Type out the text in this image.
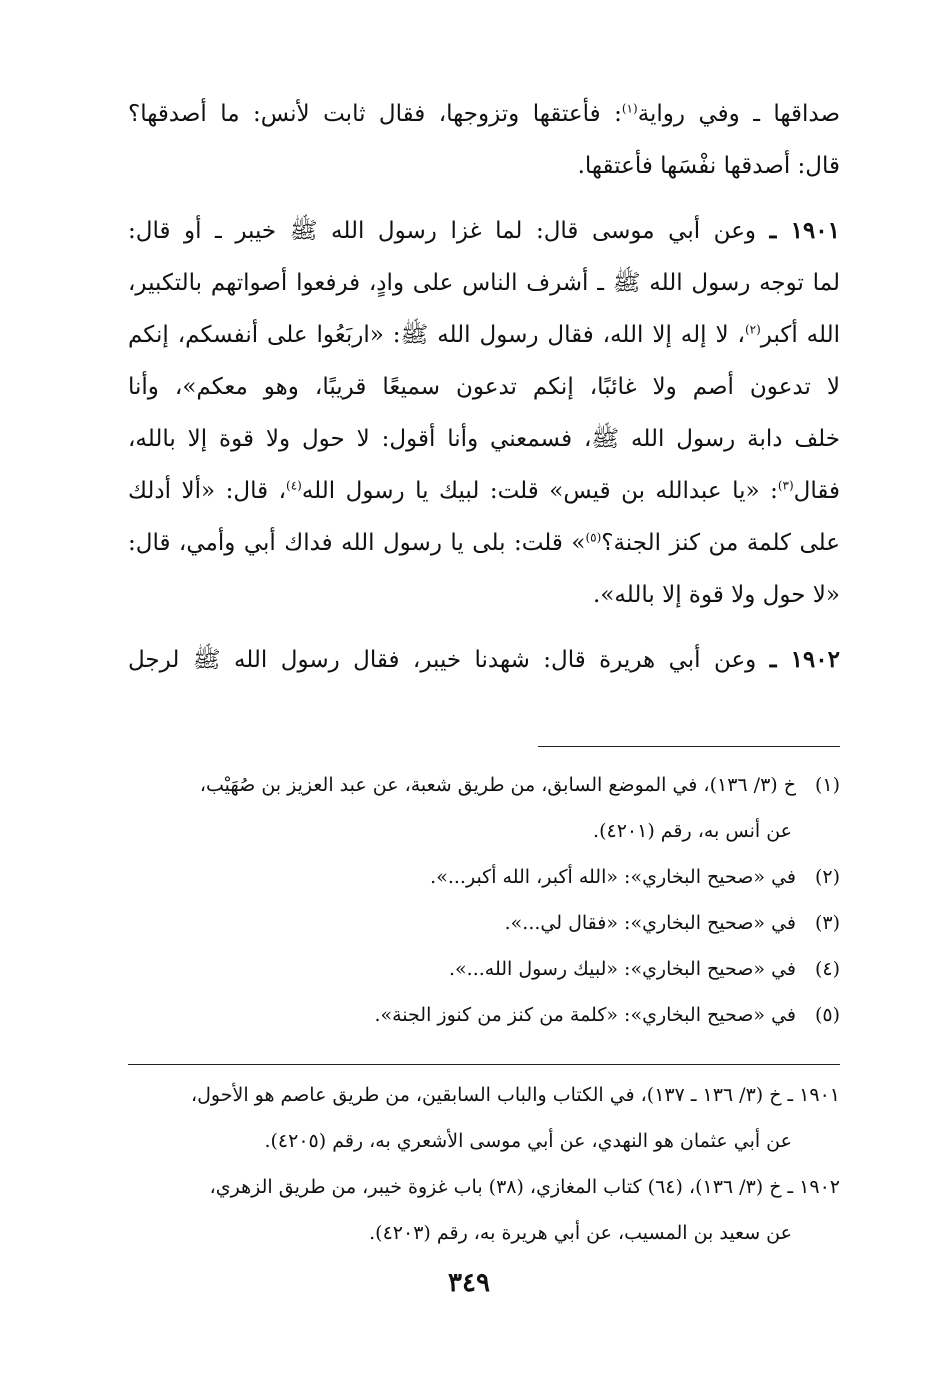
صداقها ـ وفي رواية$^{(١)}$: فأعتقها وتزوجها، فقال ثابت لأنس: ما أصدقها؟
قال: أصدقها نفْسَها فأعتقها.
١٩٠١ ـ وعن أبي موسى قال: لما غزا رسول الله ﷺ خيبر ـ أو قال:
لما توجه رسول الله ﷺ ـ أشرف الناس على وادٍ، فرفعوا أصواتهم بالتكبير،
الله أكبر$^{(٢)}$، لا إله إلا الله، فقال رسول الله ﷺ: «اربَعُوا على أنفسكم، إنكم
لا تدعون أصم ولا غائبًا، إنكم تدعون سميعًا قريبًا، وهو معكم»، وأنا
خلف دابة رسول الله ﷺ، فسمعني وأنا أقول: لا حول ولا قوة إلا بالله،
فقال$^{(٣)}$: «يا عبدالله بن قيس» قلت: لبيك يا رسول الله$^{(٤)}$، قال: «ألا أدلك
على كلمة من كنز الجنة؟$^{(٥)}$» قلت: بلى يا رسول الله فداك أبي وأمي، قال:
«لا حول ولا قوة إلا بالله».
١٩٠٢ ـ وعن أبي هريرة قال: شهدنا خيبر، فقال رسول الله ﷺ لرجل
(١)خ (٣/ ١٣٦)، في الموضع السابق، من طريق شعبة، عن عبد العزيز بن صُهَيْب،
عن أنس به، رقم (٤٢٠١).
(٢)في «صحيح البخاري»: «الله أكبر، الله أكبر...».
(٣)في «صحيح البخاري»: «فقال لي...».
(٤)في «صحيح البخاري»: «لبيك رسول الله...».
(٥)في «صحيح البخاري»: «كلمة من كنز من كنوز الجنة».
١٩٠١ ـ خ (٣/ ١٣٦ ـ ١٣٧)، في الكتاب والباب السابقين، من طريق عاصم هو الأحول،
عن أبي عثمان هو النهدي، عن أبي موسى الأشعري به، رقم (٤٢٠٥).
١٩٠٢ ـ خ (٣/ ١٣٦)، (٦٤) كتاب المغازي، (٣٨) باب غزوة خيبر، من طريق الزهري،
عن سعيد بن المسيب، عن أبي هريرة به، رقم (٤٢٠٣).
٣٤٩
